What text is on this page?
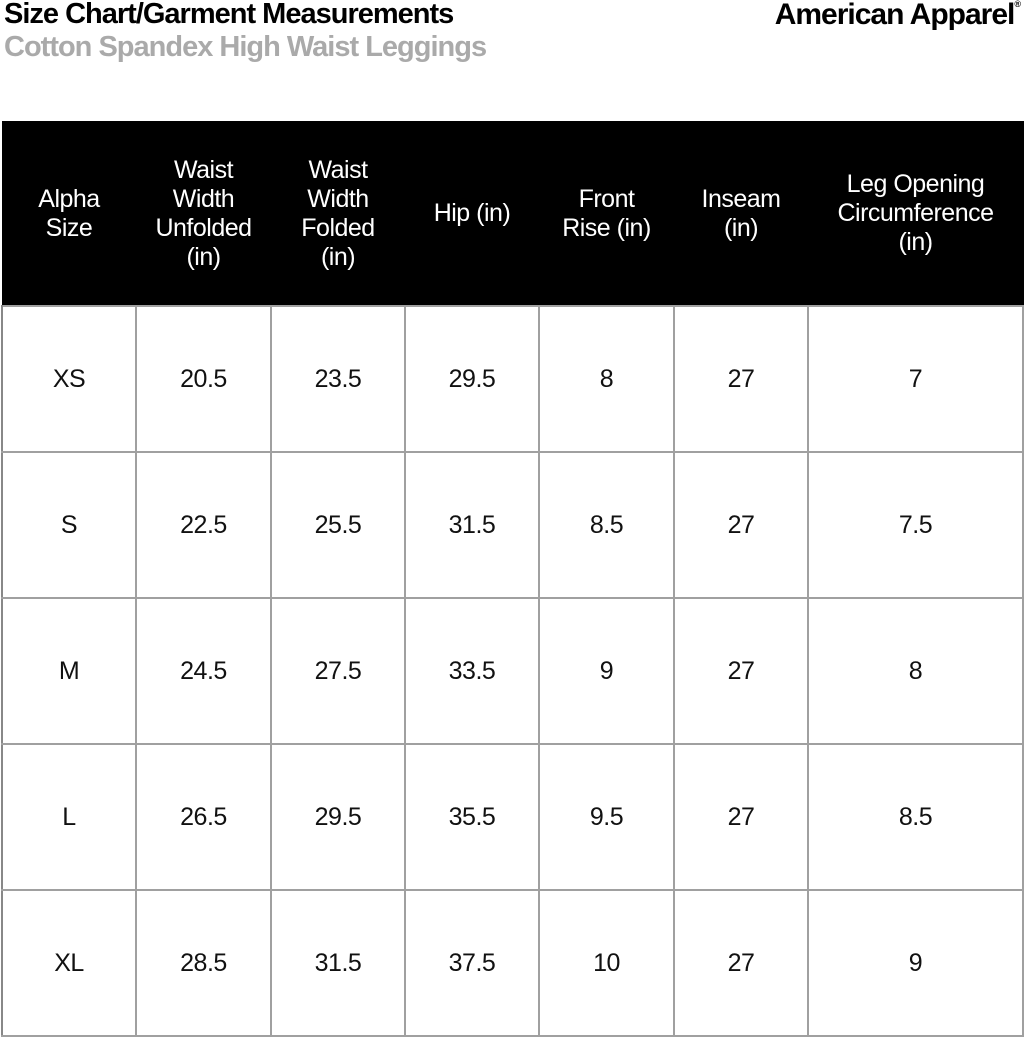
Size Chart/Garment Measurements
Cotton Spandex High Waist Leggings
American Apparel®
Alpha
Size	Waist
Width
Unfolded
(in)	Waist
Width
Folded
(in)	Hip (in)	Front
Rise (in)	Inseam
(in)	Leg Opening
Circumference
(in)

XS	20.5	23.5	29.5	8	27	7
S	22.5	25.5	31.5	8.5	27	7.5
M	24.5	27.5	33.5	9	27	8
L	26.5	29.5	35.5	9.5	27	8.5
XL	28.5	31.5	37.5	10	27	9
